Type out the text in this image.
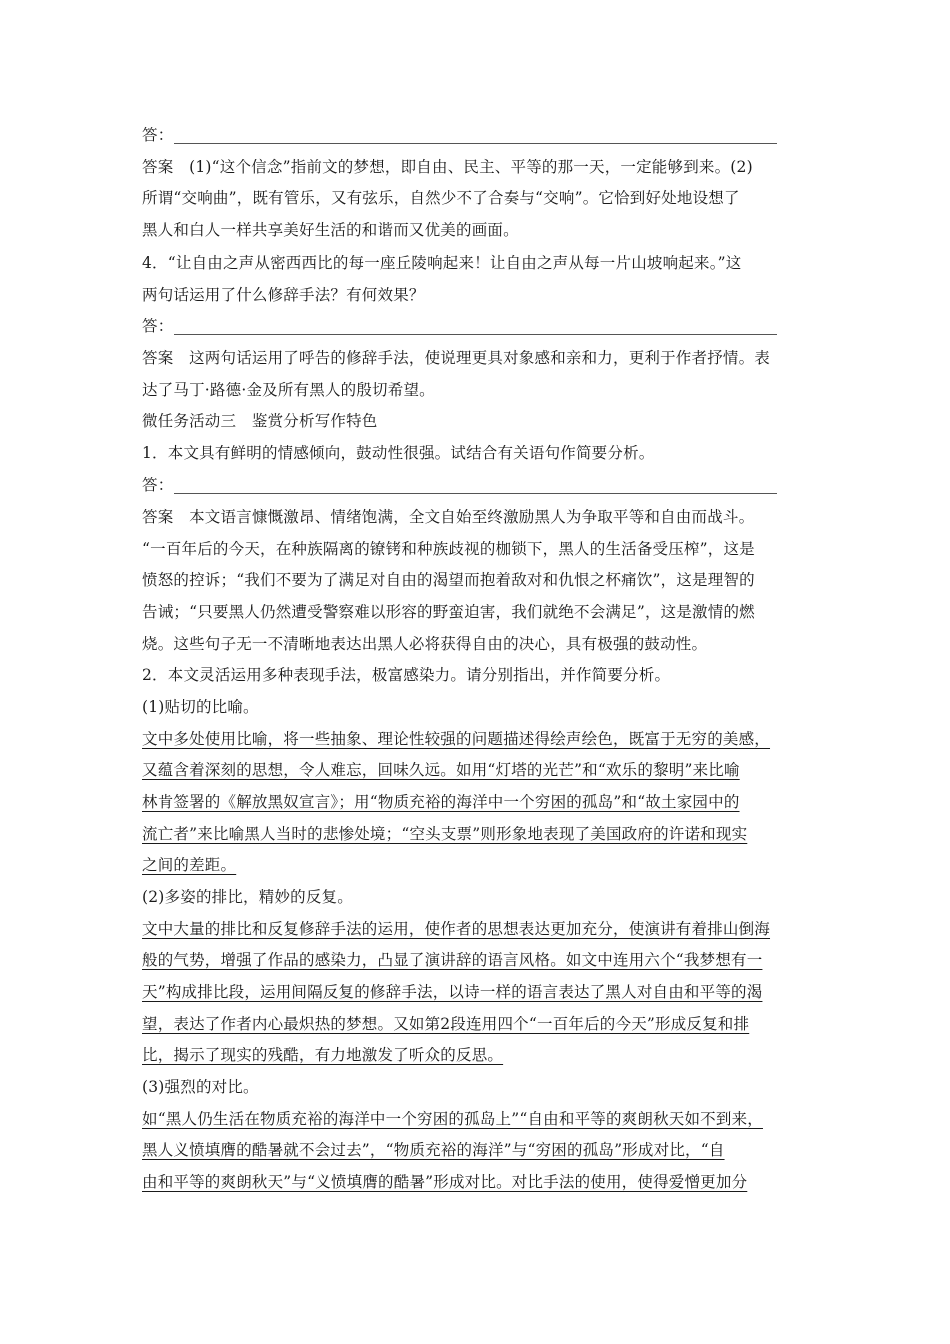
答：
答案　(1)“这个信念”指前文的梦想，即自由、民主、平等的那一天，一定能够到来。(2)
所谓“交响曲”，既有管乐，又有弦乐，自然少不了合奏与“交响”。它恰到好处地设想了
黑人和白人一样共享美好生活的和谐而又优美的画面。
4．“让自由之声从密西西比的每一座丘陵响起来！让自由之声从每一片山坡响起来。”这
两句话运用了什么修辞手法？有何效果？
答：
答案　这两句话运用了呼告的修辞手法，使说理更具对象感和亲和力，更利于作者抒情。表
达了马丁·路德·金及所有黑人的殷切希望。
微任务活动三　鉴赏分析写作特色
1．本文具有鲜明的情感倾向，鼓动性很强。试结合有关语句作简要分析。
答：
答案　本文语言慷慨激昂、情绪饱满，全文自始至终激励黑人为争取平等和自由而战斗。
“一百年后的今天，在种族隔离的镣铐和种族歧视的枷锁下，黑人的生活备受压榨”，这是
愤怒的控诉；“我们不要为了满足对自由的渴望而抱着敌对和仇恨之杯痛饮”，这是理智的
告诫；“只要黑人仍然遭受警察难以形容的野蛮迫害，我们就绝不会满足”，这是激情的燃
烧。这些句子无一不清晰地表达出黑人必将获得自由的决心，具有极强的鼓动性。
2．本文灵活运用多种表现手法，极富感染力。请分别指出，并作简要分析。
(1)贴切的比喻。
文中多处使用比喻，将一些抽象、理论性较强的问题描述得绘声绘色，既富于无穷的美感，
又蕴含着深刻的思想，令人难忘，回味久远。如用“灯塔的光芒”和“欢乐的黎明”来比喻
林肯签署的《解放黑奴宣言》；用“物质充裕的海洋中一个穷困的孤岛”和“故土家园中的
流亡者”来比喻黑人当时的悲惨处境；“空头支票”则形象地表现了美国政府的许诺和现实
之间的差距。
(2)多姿的排比，精妙的反复。
文中大量的排比和反复修辞手法的运用，使作者的思想表达更加充分，使演讲有着排山倒海
般的气势，增强了作品的感染力，凸显了演讲辞的语言风格。如文中连用六个“我梦想有一
天”构成排比段，运用间隔反复的修辞手法，以诗一样的语言表达了黑人对自由和平等的渴
望，表达了作者内心最炽热的梦想。又如第2段连用四个“一百年后的今天”形成反复和排
比，揭示了现实的残酷，有力地激发了听众的反思。
(3)强烈的对比。
如“黑人仍生活在物质充裕的海洋中一个穷困的孤岛上”“自由和平等的爽朗秋天如不到来，
黑人义愤填膺的酷暑就不会过去”，“物质充裕的海洋”与“穷困的孤岛”形成对比，“自
由和平等的爽朗秋天”与“义愤填膺的酷暑”形成对比。对比手法的使用，使得爱憎更加分
